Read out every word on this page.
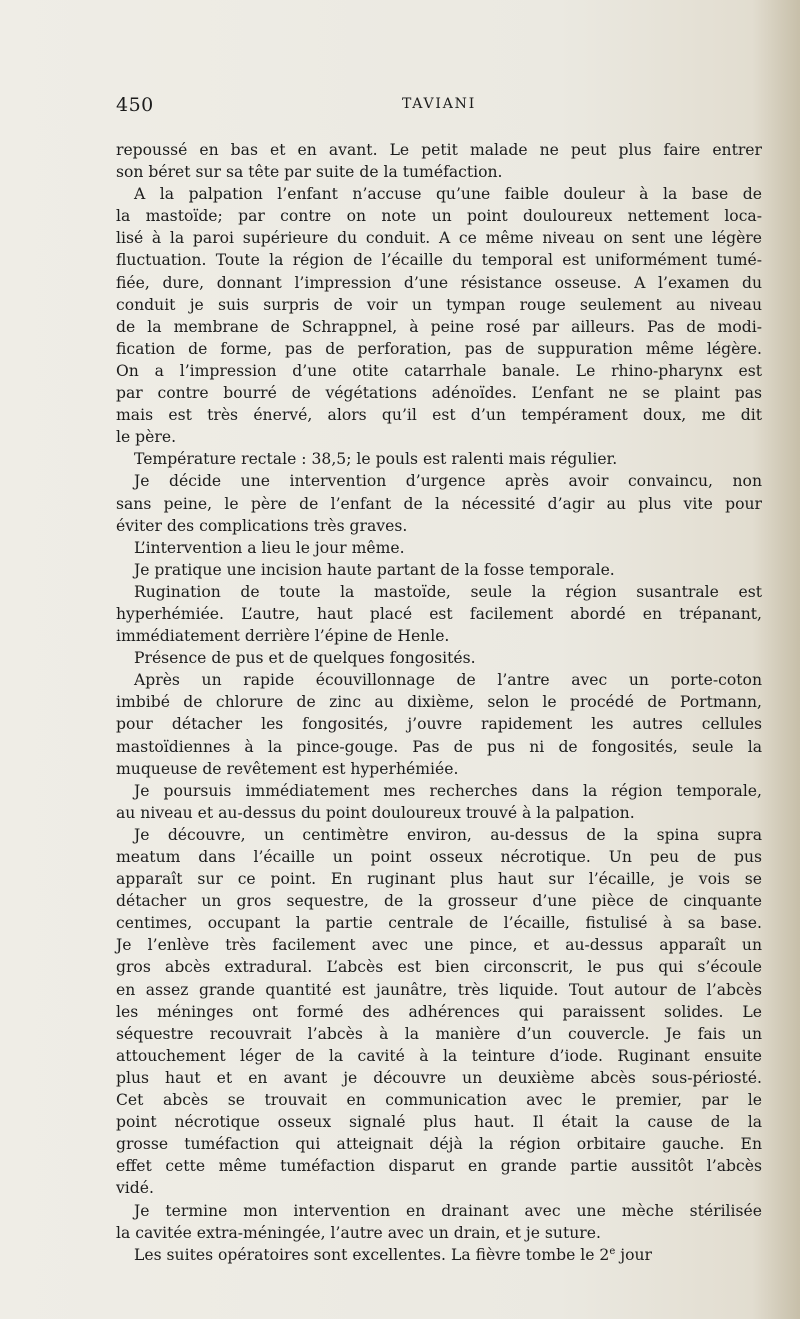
450	TAVIANI
repoussé en bas et en avant. Le petit malade ne peut plus faire entrer
son béret sur sa tête par suite de la tuméfaction.
A la palpation l’enfant n’accuse qu’une faible douleur à la base de
la mastoïde; par contre on note un point douloureux nettement loca-
lisé à la paroi supérieure du conduit. A ce même niveau on sent une légère
fluctuation. Toute la région de l’écaille du temporal est uniformément tumé-
fiée, dure, donnant l’impression d’une résistance osseuse. A l’examen du
conduit je suis surpris de voir un tympan rouge seulement au niveau
de la membrane de Schrappnel, à peine rosé par ailleurs. Pas de modi-
fication de forme, pas de perforation, pas de suppuration même légère.
On a l’impression d’une otite catarrhale banale. Le rhino-pharynx est
par contre bourré de végétations adénoïdes. L’enfant ne se plaint pas
mais est très énervé, alors qu’il est d’un tempérament doux, me dit
le père.
Température rectale : 38,5; le pouls est ralenti mais régulier.
Je décide une intervention d’urgence après avoir convaincu, non
sans peine, le père de l’enfant de la nécessité d’agir au plus vite pour
éviter des complications très graves.
L’intervention a lieu le jour même.
Je pratique une incision haute partant de la fosse temporale.
Rugination de toute la mastoïde, seule la région susantrale est
hyperhémiée. L’autre, haut placé est facilement abordé en trépanant,
immédiatement derrière l’épine de Henle.
Présence de pus et de quelques fongosités.
Après un rapide écouvillonnage de l’antre avec un porte-coton
imbibé de chlorure de zinc au dixième, selon le procédé de Portmann,
pour détacher les fongosités, j’ouvre rapidement les autres cellules
mastoïdiennes à la pince-gouge. Pas de pus ni de fongosités, seule la
muqueuse de revêtement est hyperhémiée.
Je poursuis immédiatement mes recherches dans la région temporale,
au niveau et au-dessus du point douloureux trouvé à la palpation.
Je découvre, un centimètre environ, au-dessus de la spina supra
meatum dans l’écaille un point osseux nécrotique. Un peu de pus
apparaît sur ce point. En ruginant plus haut sur l’écaille, je vois se
détacher un gros sequestre, de la grosseur d’une pièce de cinquante
centimes, occupant la partie centrale de l’écaille, fistulisé à sa base.
Je l’enlève très facilement avec une pince, et au-dessus apparaît un
gros abcès extradural. L’abcès est bien circonscrit, le pus qui s’écoule
en assez grande quantité est jaunâtre, très liquide. Tout autour de l’abcès
les méninges ont formé des adhérences qui paraissent solides. Le
séquestre recouvrait l’abcès à la manière d’un couvercle. Je fais un
attouchement léger de la cavité à la teinture d’iode. Ruginant ensuite
plus haut et en avant je découvre un deuxième abcès sous-périosté.
Cet abcès se trouvait en communication avec le premier, par le
point nécrotique osseux signalé plus haut. Il était la cause de la
grosse tuméfaction qui atteignait déjà la région orbitaire gauche. En
effet cette même tuméfaction disparut en grande partie aussitôt l’abcès
vidé.
Je termine mon intervention en drainant avec une mèche stérilisée
la cavitée extra-méningée, l’autre avec un drain, et je suture.
Les suites opératoires sont excellentes. La fièvre tombe le 2e jour
